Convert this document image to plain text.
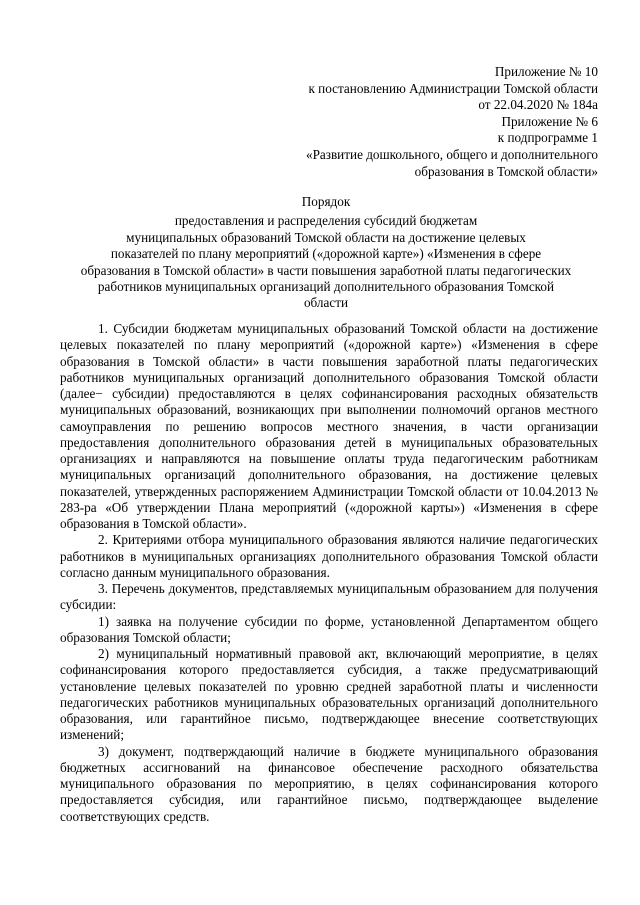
Приложение № 10
к постановлению Администрации Томской области
от 22.04.2020 № 184а
Приложение № 6
к подпрограмме 1
«Развитие дошкольного, общего и дополнительного
образования в Томской области»
Порядок
предоставления и распределения субсидий бюджетам
муниципальных образований Томской области на достижение целевых
показателей по плану мероприятий («дорожной карте») «Изменения в сфере
образования в Томской области» в части повышения заработной платы педагогических
работников муниципальных организаций дополнительного образования Томской
области

1. Субсидии бюджетам муниципальных образований Томской области на достижение целевых показателей по плану мероприятий («дорожной карте») «Изменения в сфере образования в Томской области» в части повышения заработной платы педагогических работников муниципальных организаций дополнительного образования Томской области (далее− субсидии) предоставляются в целях софинансирования расходных обязательств муниципальных образований, возникающих при выполнении полномочий органов местного самоуправления по решению вопросов местного значения, в части организации предоставления дополнительного образования детей в муниципальных образовательных организациях и направляются на повышение оплаты труда педагогическим работникам муниципальных организаций дополнительного образования, на достижение целевых показателей, утвержденных распоряжением Администрации Томской области от 10.04.2013 № 283-ра «Об утверждении Плана мероприятий («дорожной карты») «Изменения в сфере образования в Томской области».

2. Критериями отбора муниципального образования являются наличие педагогических работников в муниципальных организациях дополнительного образования Томской области согласно данным муниципального образования.

3. Перечень документов, представляемых муниципальным образованием для получения субсидии:

1) заявка на получение субсидии по форме, установленной Департаментом общего образования Томской области;

2) муниципальный нормативный правовой акт, включающий мероприятие, в целях софинансирования которого предоставляется субсидия, а также предусматривающий установление целевых показателей по уровню средней заработной платы и численности педагогических работников муниципальных образовательных организаций дополнительного образования, или гарантийное письмо, подтверждающее внесение соответствующих изменений;

3) документ, подтверждающий наличие в бюджете муниципального образования бюджетных ассигнований на финансовое обеспечение расходного обязательства муниципального образования по мероприятию, в целях софинансирования которого предоставляется субсидия, или гарантийное письмо, подтверждающее выделение соответствующих средств.
